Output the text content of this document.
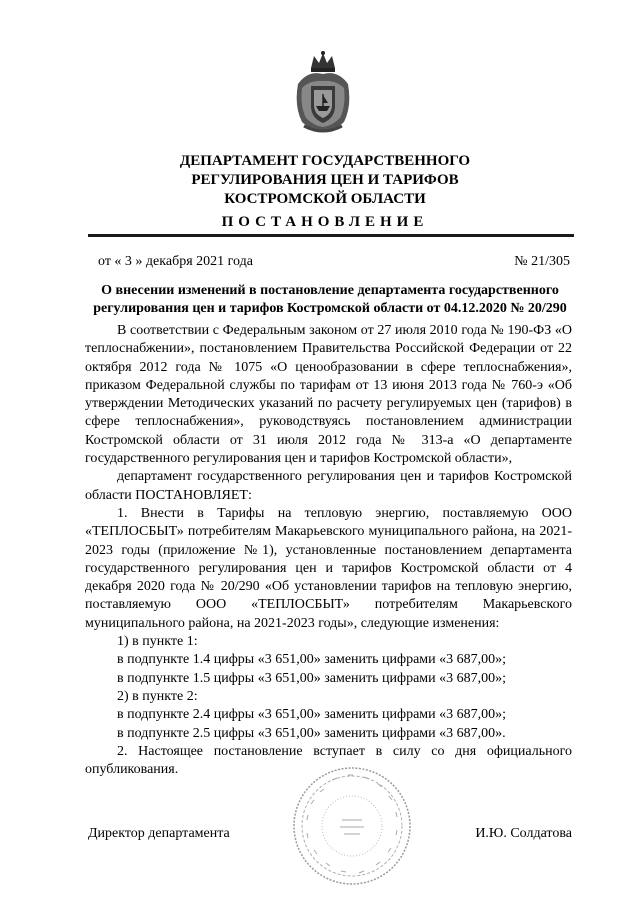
ДЕПАРТАМЕНТ ГОСУДАРСТВЕННОГО
РЕГУЛИРОВАНИЯ ЦЕН И ТАРИФОВ
КОСТРОМСКОЙ ОБЛАСТИ
ПОСТАНОВЛЕНИЕ
от « 3 » декабря 2021 года	№ 21/305
О внесении изменений в постановление департамента государственного
регулирования цен и тарифов Костромской области от 04.12.2020 № 20/290

В соответствии с Федеральным законом от 27 июля 2010 года № 190-ФЗ «О теплоснабжении», постановлением Правительства Российской Федерации от 22 октября 2012 года № 1075 «О ценообразовании в сфере теплоснабжения», приказом Федеральной службы по тарифам от 13 июня 2013 года № 760-э «Об утверждении Методических указаний по расчету регулируемых цен (тарифов) в сфере теплоснабжения», руководствуясь постановлением администрации Костромской области от 31 июля 2012 года № 313-а «О департаменте государственного регулирования цен и тарифов Костромской области»,

департамент государственного регулирования цен и тарифов Костромской области ПОСТАНОВЛЯЕТ:

1. Внести в Тарифы на тепловую энергию, поставляемую ООО «ТЕПЛОСБЫТ» потребителям Макарьевского муниципального района, на 2021-2023 годы (приложение №1), установленные постановлением департамента государственного регулирования цен и тарифов Костромской области от 4 декабря 2020 года № 20/290 «Об установлении тарифов на тепловую энергию, поставляемую ООО «ТЕПЛОСБЫТ» потребителям Макарьевского муниципального района, на 2021-2023 годы», следующие изменения:

1) в пункте 1:

в подпункте 1.4 цифры «3 651,00» заменить цифрами «3 687,00»;

в подпункте 1.5 цифры «3 651,00» заменить цифрами «3 687,00»;

2) в пункте 2:

в подпункте 2.4 цифры «3 651,00» заменить цифрами «3 687,00»;

в подпункте 2.5 цифры «3 651,00» заменить цифрами «3 687,00».

2. Настоящее постановление вступает в силу со дня официального опубликования.

Директор департамента	И.Ю. Солдатова
